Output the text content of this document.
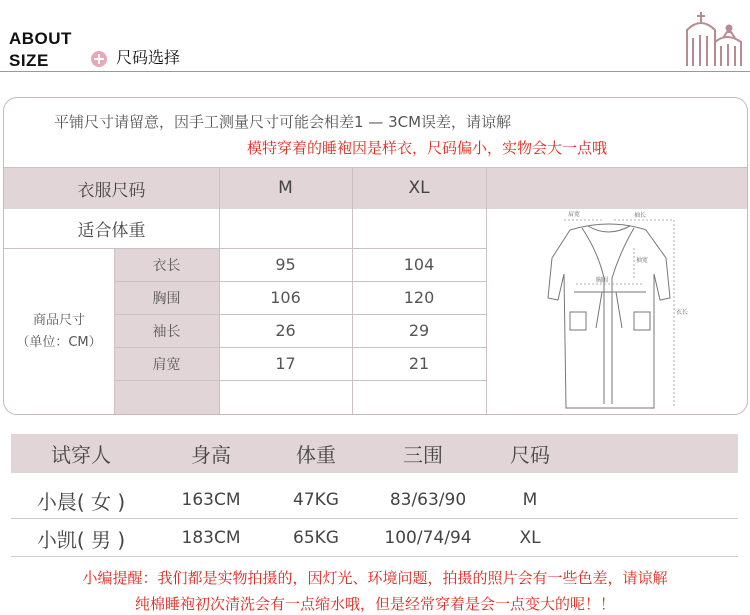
ABOUT
SIZE	尺码选择
平铺尺寸请留意，因手工测量尺寸可能会相差1 — 3CM误差，请谅解
模特穿着的睡袍因是样衣，尺码偏小，实物会大一点哦
衣服尺码	M	XL
适合体重
商品尺寸
（单位：CM）
衣长	95	104
胸围	106	120
袖长	26	29
肩宽	17	21
肩宽	袖长
袖宽
胸围
衣长
试穿人	身高	体重	三围	尺码
小晨( 女 )	163CM	47KG	83/63/90	M
小凯( 男 )	183CM	65KG	100/74/94	XL
小编提醒：我们都是实物拍摄的，因灯光、环境问题，拍摄的照片会有一些色差，请谅解
纯棉睡袍初次清洗会有一点缩水哦，但是经常穿着是会一点变大的呢！！
